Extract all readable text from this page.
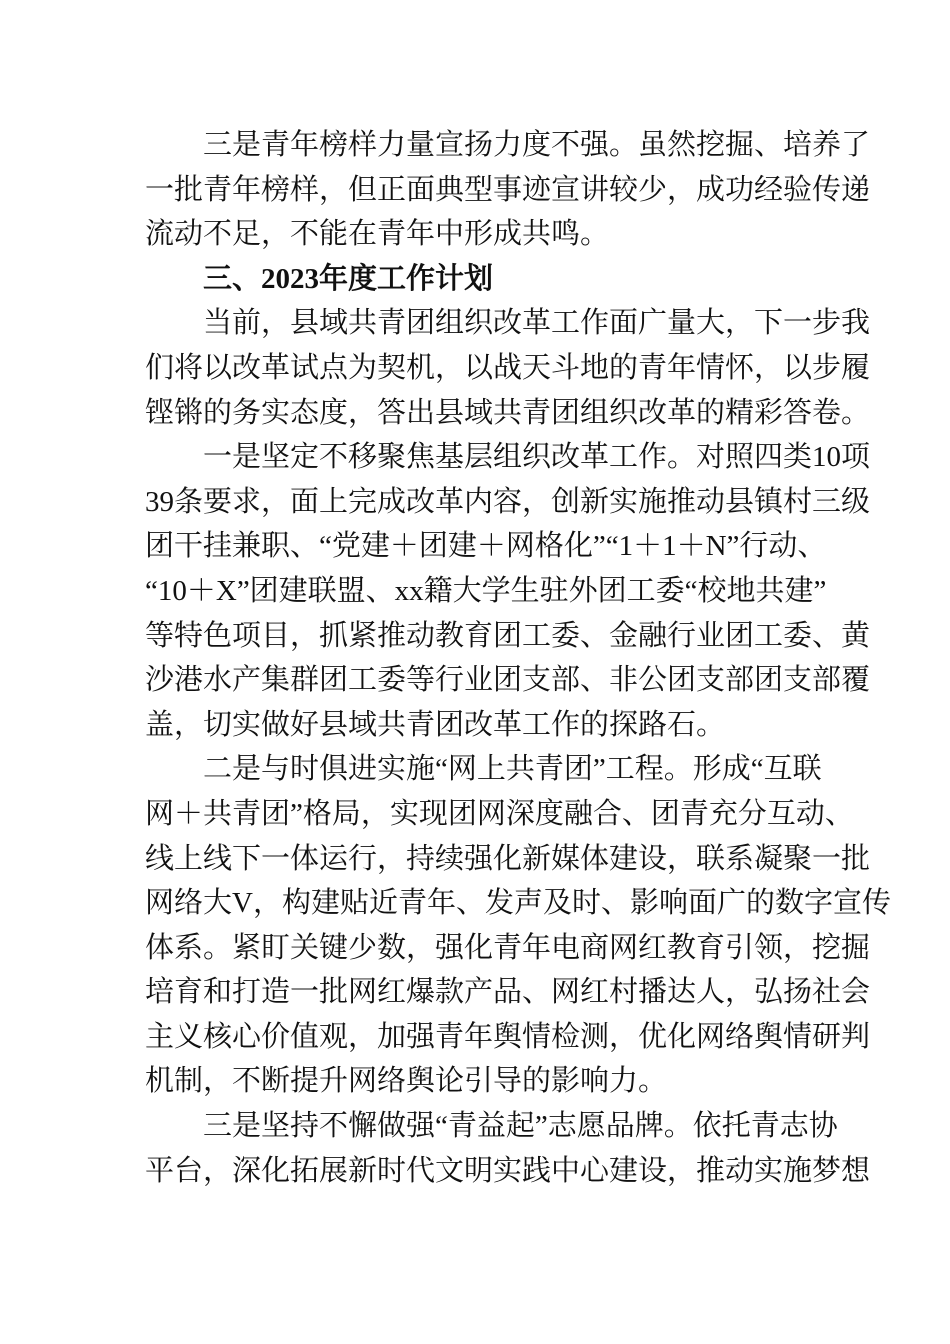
三是青年榜样力量宣扬力度不强。虽然挖掘、培养了
一批青年榜样，但正面典型事迹宣讲较少，成功经验传递
流动不足，不能在青年中形成共鸣。
三、2023年度工作计划
当前，县域共青团组织改革工作面广量大，下一步我
们将以改革试点为契机，以战天斗地的青年情怀，以步履
铿锵的务实态度，答出县域共青团组织改革的精彩答卷。
一是坚定不移聚焦基层组织改革工作。对照四类10项
39条要求，面上完成改革内容，创新实施推动县镇村三级
团干挂兼职、“党建＋团建＋网格化”“1＋1＋N”行动、
“10＋X”团建联盟、xx籍大学生驻外团工委“校地共建”
等特色项目，抓紧推动教育团工委、金融行业团工委、黄
沙港水产集群团工委等行业团支部、非公团支部团支部覆
盖，切实做好县域共青团改革工作的探路石。
二是与时俱进实施“网上共青团”工程。形成“互联
网＋共青团”格局，实现团网深度融合、团青充分互动、
线上线下一体运行，持续强化新媒体建设，联系凝聚一批
网络大V，构建贴近青年、发声及时、影响面广的数字宣传
体系。紧盯关键少数，强化青年电商网红教育引领，挖掘
培育和打造一批网红爆款产品、网红村播达人，弘扬社会
主义核心价值观，加强青年舆情检测，优化网络舆情研判
机制，不断提升网络舆论引导的影响力。
三是坚持不懈做强“青益起”志愿品牌。依托青志协
平台，深化拓展新时代文明实践中心建设，推动实施梦想
